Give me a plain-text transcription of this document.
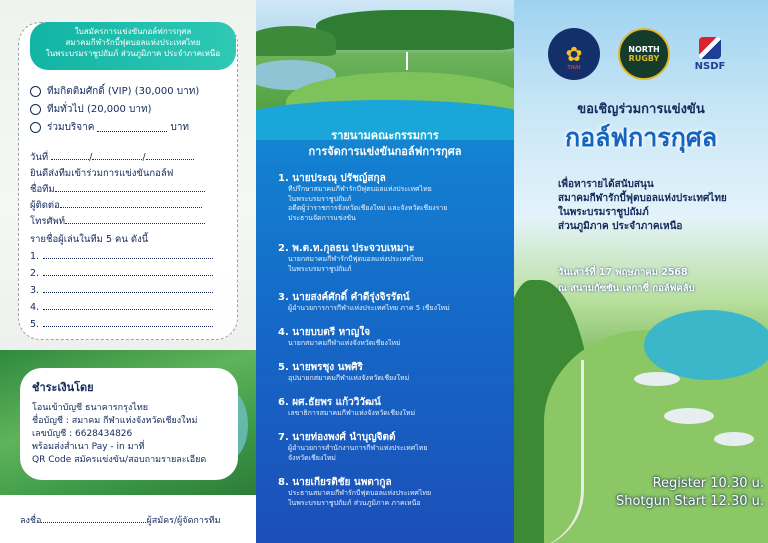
ใบสมัครการแข่งขันกอล์ฟการกุศล
สมาคมกีฬารักบี้ฟุตบอลแห่งประเทศไทย
ในพระบรมราชูปถัมภ์ ส่วนภูมิภาค ประจำภาคเหนือ
ทีมกิตติมศักดิ์ (VIP) (30,000 บาท)
ทีมทั่วไป (20,000 บาท)
ร่วมบริจาค	บาท
วันที่	/	/
ยินดีส่งทีมเข้าร่วมการแข่งขันกอล์ฟ
ชื่อทีม
ผู้ติดต่อ
โทรศัพท์
รายชื่อผู้เล่นในทีม 5 คน ดังนี้
1.
2.
3.
4.
5.
ชำระเงินโดย
โอนเข้าบัญชี ธนาคารกรุงไทย
ชื่อบัญชี : สมาคม กีฬาแห่งจังหวัดเชียงใหม่
เลขบัญชี : 6628434826
พร้อมส่งสำเนา Pay - in มาที่
QR Code สมัครแข่งขัน/สอบถามรายละเอียด
ลงชื่อ	ผู้สมัคร/ผู้จัดการทีม
รายนามคณะกรรมการ
การจัดการแข่งขันกอล์ฟการกุศล
1. นายประณุ ปรัชญ์สกุล
ที่ปรึกษาสมาคมกีฬารักบี้ฟุตบอลแห่งประเทศไทย
ในพระบรมราชูปถัมภ์
อดีตผู้ว่าราชการจังหวัดเชียงใหม่ และจังหวัดเชียงราย
ประธานจัดการแข่งขัน
2. พ.ต.ท.กุลธน ประจวบเหมาะ
นายกสมาคมกีฬารักบี้ฟุตบอลแห่งประเทศไทย
ในพระบรมราชูปถัมภ์
3. นายสงค์ศักดิ์ คำดีรุ่งจิรรัตน์
ผู้อำนวยการการกีฬาแห่งประเทศไทย ภาค 5 เชียงใหม่
4. นายบบตรี หาญใจ
นายกสมาคมกีฬาแห่งจังหวัดเชียงใหม่
5. นายพรชุง นพศิริ
อุปนายกสมาคมกีฬาแห่งจังหวัดเชียงใหม่
6. ผศ.ธัยพร แก้ววิวัฒน์
เลขาธิการสมาคมกีฬาแห่งจังหวัดเชียงใหม่
7. นายท่องพงศ์ นำบุญจิตต์
ผู้อำนวยการสำนักงานการกีฬาแห่งประเทศไทย
จังหวัดเชียงใหม่
8. นายเกียรติชัย นพตากูล
ประธานสมาคมกีฬารักบี้ฟุตบอลแห่งประเทศไทย
ในพระบรมราชูปถัมภ์ ส่วนภูมิภาค ภาคเหนือ
✿
THAI
NORTH
RUGBY
NSDF
ขอเชิญร่วมการแข่งขัน
กอล์ฟการกุศล
เพื่อหารายได้สนับสนุน
สมาคมกีฬารักบี้ฟุตบอลแห่งประเทศไทย
ในพระบรมราชูปถัมภ์
ส่วนภูมิภาค ประจำภาคเหนือ
วันเสาร์ที่ 17 พฤษภาคม 2568
ณ สนามกัซซัน เลกาซี่ กอล์ฟคลับ
Register 10.30 u.
Shotgun Start 12.30 u.
